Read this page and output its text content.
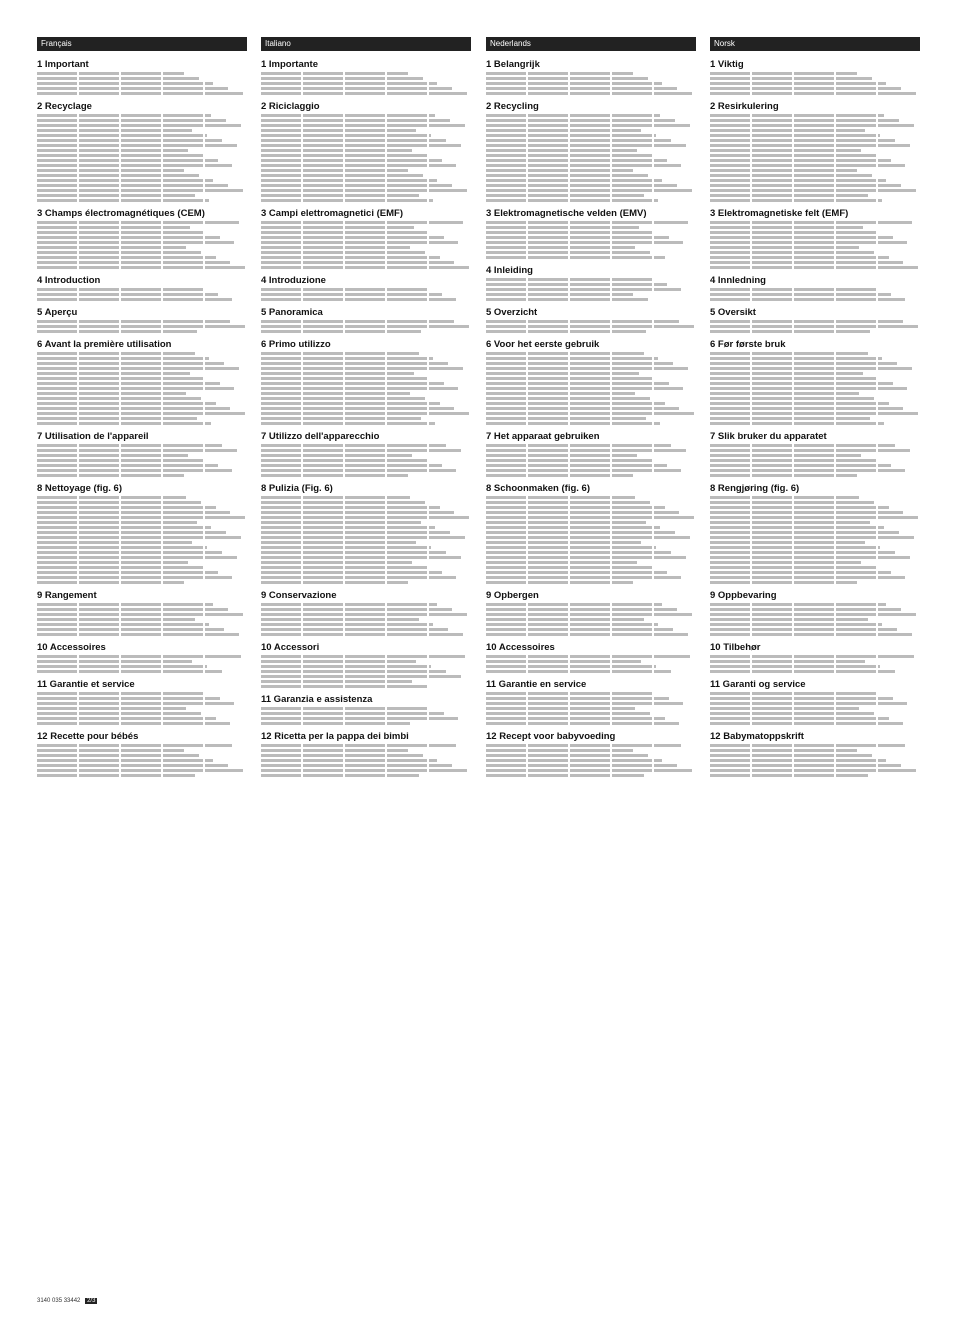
Français
1 Important
2 Recyclage
3 Champs électromagnétiques (CEM)
4 Introduction
5 Aperçu
6 Avant la première utilisation
7 Utilisation de l'appareil
8 Nettoyage (fig. 6)
9 Rangement
10 Accessoires
11 Garantie et service
12 Recette pour bébés
Italiano
1 Importante
2 Riciclaggio
3 Campi elettromagnetici (EMF)
4 Introduzione
5 Panoramica
6 Primo utilizzo
7 Utilizzo dell'apparecchio
8 Pulizia (Fig. 6)
9 Conservazione
10 Accessori
11 Garanzia e assistenza
12 Ricetta per la pappa dei bimbi
Nederlands
1 Belangrijk
2 Recycling
3 Elektromagnetische velden (EMV)
4 Inleiding
5 Overzicht
6 Voor het eerste gebruik
7 Het apparaat gebruiken
8 Schoonmaken (fig. 6)
9 Opbergen
10 Accessoires
11 Garantie en service
12 Recept voor babyvoeding
Norsk
1 Viktig
2 Resirkulering
3 Elektromagnetiske felt (EMF)
4 Innledning
5 Oversikt
6 Før første bruk
7 Slik bruker du apparatet
8 Rengjøring (fig. 6)
9 Oppbevaring
10 Tilbehør
11 Garanti og service
12 Babymatoppskrift
3140 035 33442 2/3
